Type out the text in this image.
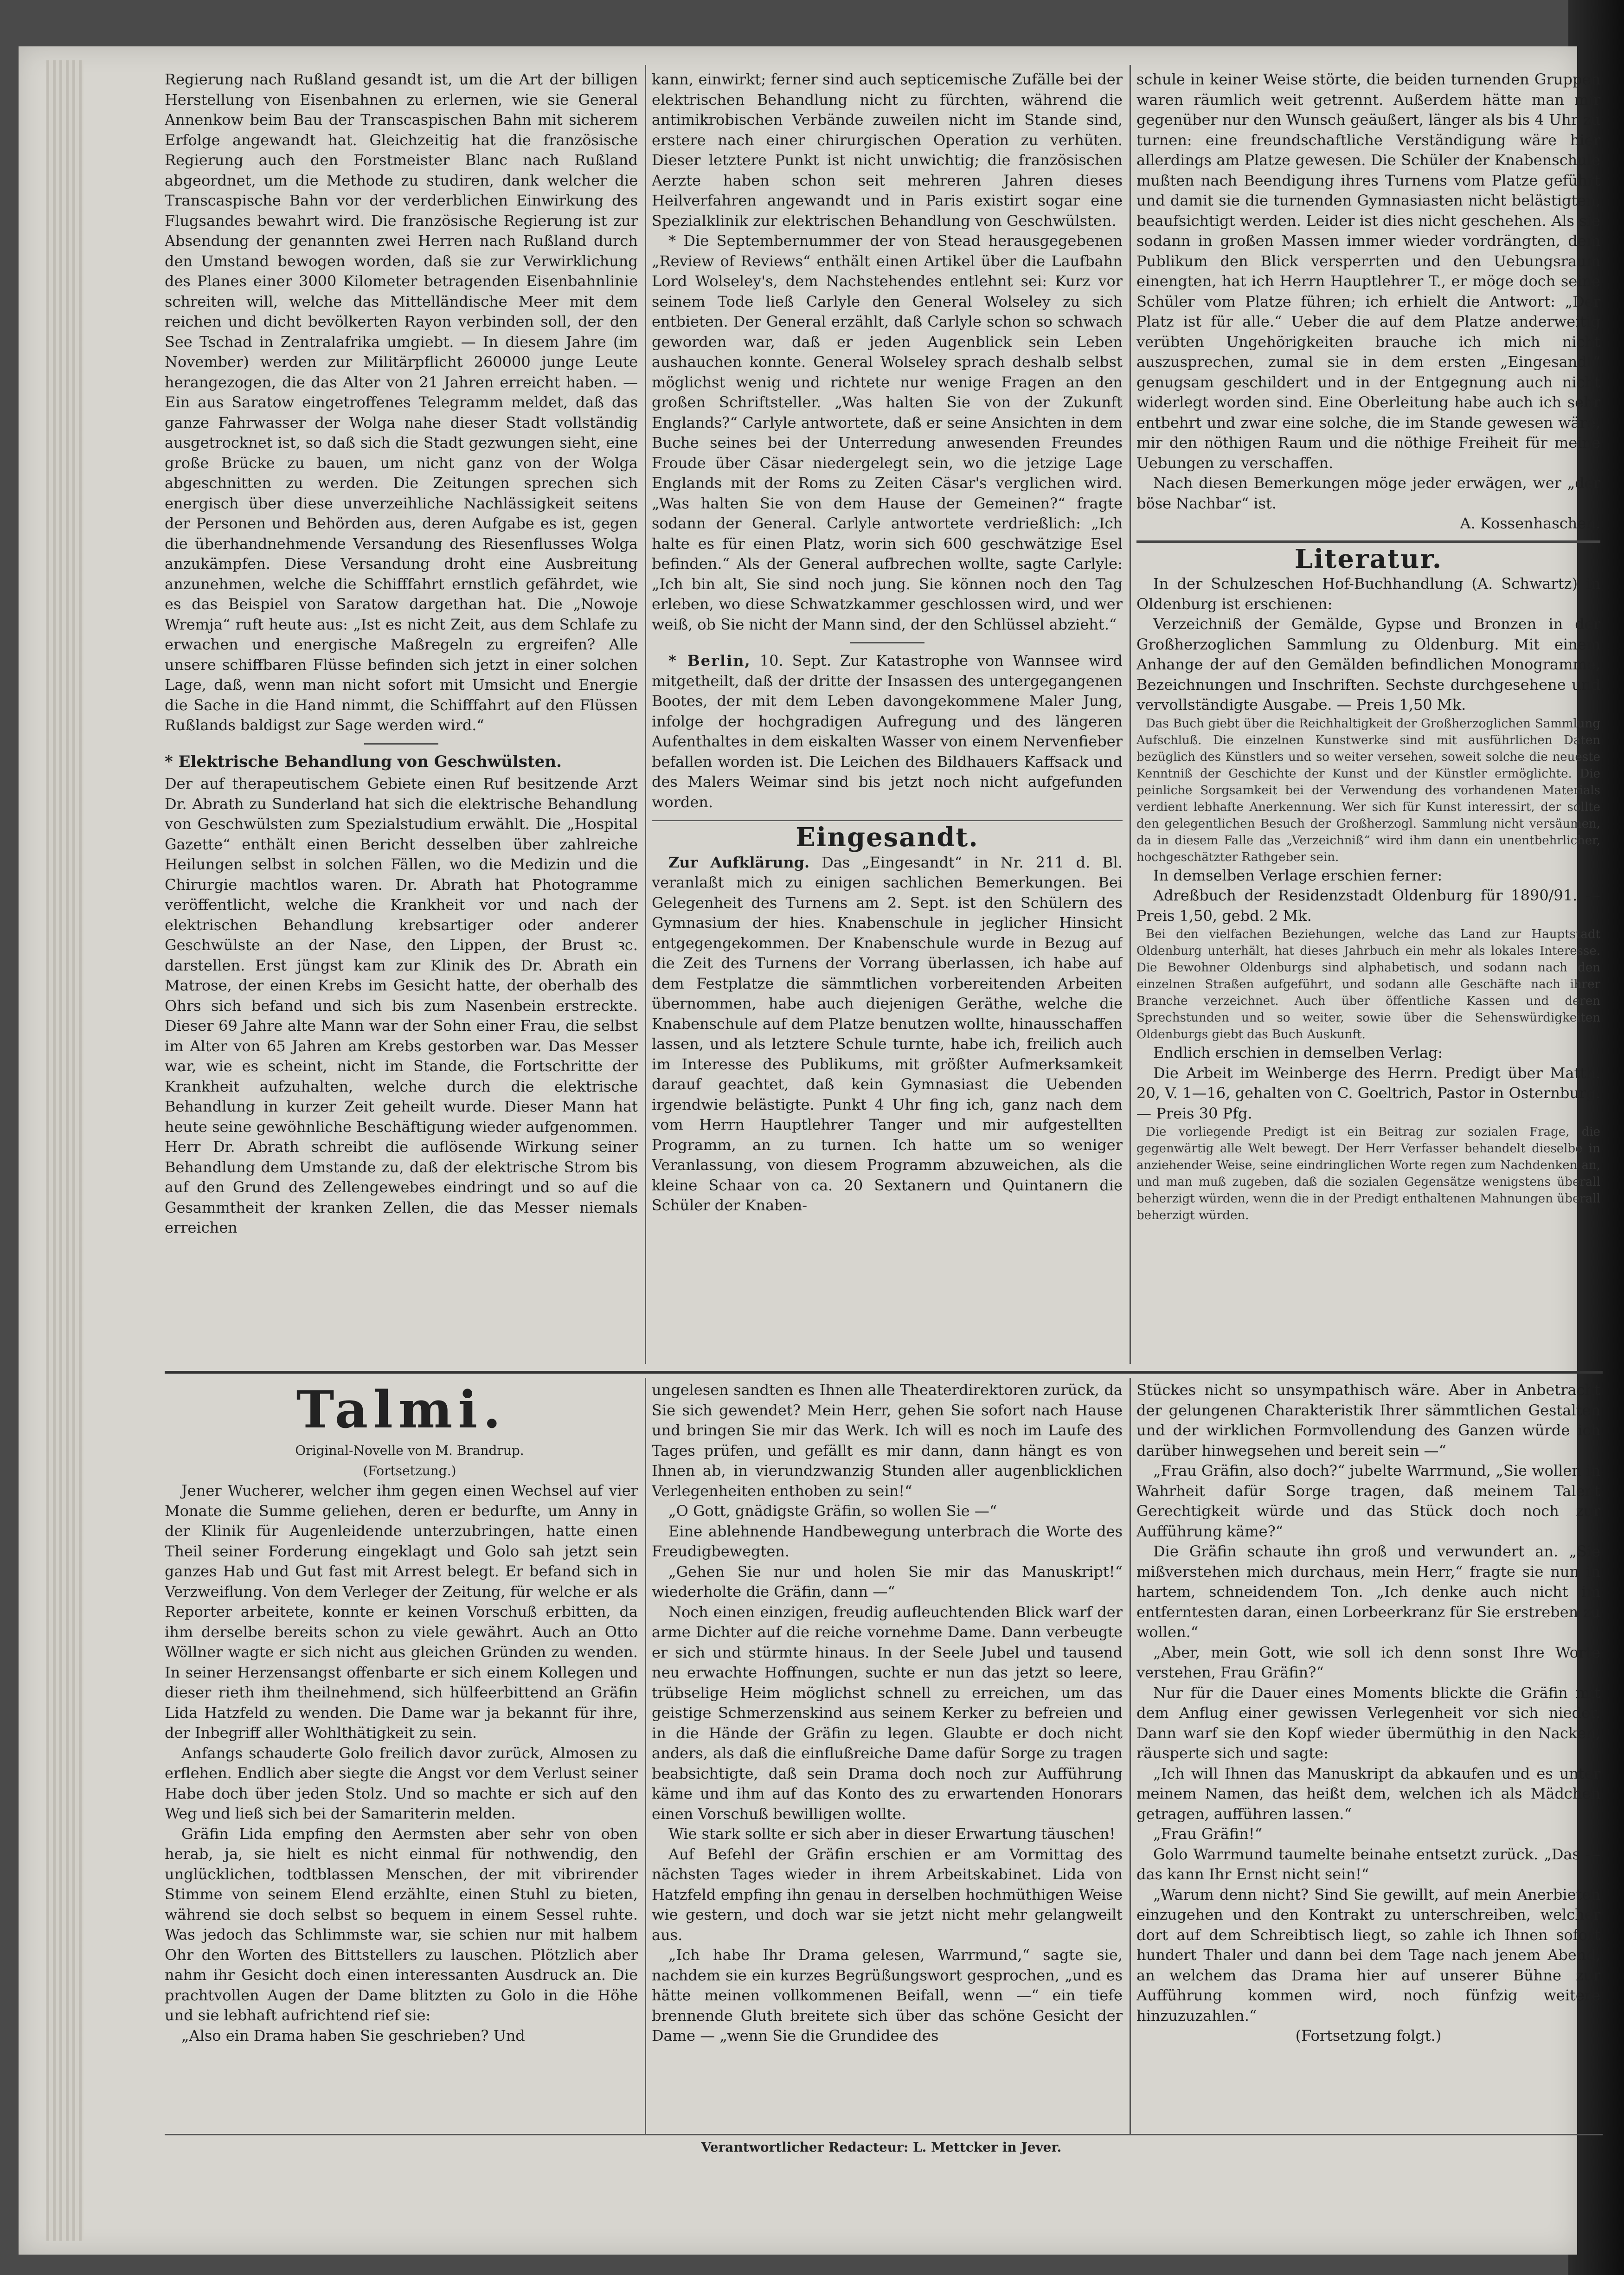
Regierung nach Rußland gesandt ist, um die Art der billigen Herstellung von Eisenbahnen zu erlernen, wie sie General Annenkow beim Bau der Transcaspischen Bahn mit sicherem Erfolge angewandt hat. Gleichzeitig hat die französische Regierung auch den Forstmeister Blanc nach Rußland abgeordnet, um die Methode zu studiren, dank welcher die Transcaspische Bahn vor der verderblichen Einwirkung des Flugsandes bewahrt wird. Die französische Regierung ist zur Absendung der genannten zwei Herren nach Rußland durch den Umstand bewogen worden, daß sie zur Verwirklichung des Planes einer 3000 Kilometer betragenden Eisenbahnlinie schreiten will, welche das Mittelländische Meer mit dem reichen und dicht bevölkerten Rayon verbinden soll, der den See Tschad in Zentralafrika umgiebt. — In diesem Jahre (im November) werden zur Militärpflicht 260000 junge Leute herangezogen, die das Alter von 21 Jahren erreicht haben. — Ein aus Saratow eingetroffenes Telegramm meldet, daß das ganze Fahrwasser der Wolga nahe dieser Stadt vollständig ausgetrocknet ist, so daß sich die Stadt gezwungen sieht, eine große Brücke zu bauen, um nicht ganz von der Wolga abgeschnitten zu werden. Die Zeitungen sprechen sich energisch über diese unverzeihliche Nachlässigkeit seitens der Personen und Behörden aus, deren Aufgabe es ist, gegen die überhandnehmende Versandung des Riesenflusses Wolga anzukämpfen. Diese Versandung droht eine Ausbreitung anzunehmen, welche die Schifffahrt ernstlich gefährdet, wie es das Beispiel von Saratow dargethan hat. Die „Nowoje Wremja“ ruft heute aus: „Ist es nicht Zeit, aus dem Schlafe zu erwachen und energische Maßregeln zu ergreifen? Alle unsere schiffbaren Flüsse befinden sich jetzt in einer solchen Lage, daß, wenn man nicht sofort mit Umsicht und Energie die Sache in die Hand nimmt, die Schifffahrt auf den Flüssen Rußlands baldigst zur Sage werden wird.“

* Elektrische Behandlung von Geschwülsten.

Der auf therapeutischem Gebiete einen Ruf besitzende Arzt Dr. Abrath zu Sunderland hat sich die elektrische Behandlung von Geschwülsten zum Spezialstudium erwählt. Die „Hospital Gazette“ enthält einen Bericht desselben über zahlreiche Heilungen selbst in solchen Fällen, wo die Medizin und die Chirurgie machtlos waren. Dr. Abrath hat Photogramme veröffentlicht, welche die Krankheit vor und nach der elektrischen Behandlung krebsartiger oder anderer Geschwülste an der Nase, den Lippen, der Brust ꝛc. darstellen. Erst jüngst kam zur Klinik des Dr. Abrath ein Matrose, der einen Krebs im Gesicht hatte, der oberhalb des Ohrs sich befand und sich bis zum Nasenbein erstreckte. Dieser 69 Jahre alte Mann war der Sohn einer Frau, die selbst im Alter von 65 Jahren am Krebs gestorben war. Das Messer war, wie es scheint, nicht im Stande, die Fortschritte der Krankheit aufzuhalten, welche durch die elektrische Behandlung in kurzer Zeit geheilt wurde. Dieser Mann hat heute seine gewöhnliche Beschäftigung wieder aufgenommen. Herr Dr. Abrath schreibt die auflösende Wirkung seiner Behandlung dem Umstande zu, daß der elektrische Strom bis auf den Grund des Zellengewebes eindringt und so auf die Gesammtheit der kranken Zellen, die das Messer niemals erreichen

kann, einwirkt; ferner sind auch septicemische Zufälle bei der elektrischen Behandlung nicht zu fürchten, während die antimikrobischen Verbände zuweilen nicht im Stande sind, erstere nach einer chirurgischen Operation zu verhüten. Dieser letztere Punkt ist nicht unwichtig; die französischen Aerzte haben schon seit mehreren Jahren dieses Heilverfahren angewandt und in Paris existirt sogar eine Spezialklinik zur elektrischen Behandlung von Geschwülsten.

* Die Septembernummer der von Stead herausgegebenen „Review of Reviews“ enthält einen Artikel über die Laufbahn Lord Wolseley's, dem Nachstehendes entlehnt sei: Kurz vor seinem Tode ließ Carlyle den General Wolseley zu sich entbieten. Der General erzählt, daß Carlyle schon so schwach geworden war, daß er jeden Augenblick sein Leben aushauchen konnte. General Wolseley sprach deshalb selbst möglichst wenig und richtete nur wenige Fragen an den großen Schriftsteller. „Was halten Sie von der Zukunft Englands?“ Carlyle antwortete, daß er seine Ansichten in dem Buche seines bei der Unterredung anwesenden Freundes Froude über Cäsar niedergelegt sein, wo die jetzige Lage Englands mit der Roms zu Zeiten Cäsar's verglichen wird. „Was halten Sie von dem Hause der Gemeinen?“ fragte sodann der General. Carlyle antwortete verdrießlich: „Ich halte es für einen Platz, worin sich 600 geschwätzige Esel befinden.“ Als der General aufbrechen wollte, sagte Carlyle: „Ich bin alt, Sie sind noch jung. Sie können noch den Tag erleben, wo diese Schwatzkammer geschlossen wird, und wer weiß, ob Sie nicht der Mann sind, der den Schlüssel abzieht.“

* Berlin, 10. Sept. Zur Katastrophe von Wannsee wird mitgetheilt, daß der dritte der Insassen des untergegangenen Bootes, der mit dem Leben davongekommene Maler Jung, infolge der hochgradigen Aufregung und des längeren Aufenthaltes in dem eiskalten Wasser von einem Nervenfieber befallen worden ist. Die Leichen des Bildhauers Kaffsack und des Malers Weimar sind bis jetzt noch nicht aufgefunden worden.

Eingesandt.

Zur Aufklärung. Das „Eingesandt“ in Nr. 211 d. Bl. veranlaßt mich zu einigen sachlichen Bemerkungen. Bei Gelegenheit des Turnens am 2. Sept. ist den Schülern des Gymnasium der hies. Knabenschule in jeglicher Hinsicht entgegengekommen. Der Knabenschule wurde in Bezug auf die Zeit des Turnens der Vorrang überlassen, ich habe auf dem Festplatze die sämmtlichen vorbereitenden Arbeiten übernommen, habe auch diejenigen Geräthe, welche die Knabenschule auf dem Platze benutzen wollte, hinausschaffen lassen, und als letztere Schule turnte, habe ich, freilich auch im Interesse des Publikums, mit größter Aufmerksamkeit darauf geachtet, daß kein Gymnasiast die Uebenden irgendwie belästigte. Punkt 4 Uhr fing ich, ganz nach dem vom Herrn Hauptlehrer Tanger und mir aufgestellten Programm, an zu turnen. Ich hatte um so weniger Veranlassung, von diesem Programm abzuweichen, als die kleine Schaar von ca. 20 Sextanern und Quintanern die Schüler der Knaben-

schule in keiner Weise störte, die beiden turnenden Gruppen waren räumlich weit getrennt. Außerdem hätte man mir gegenüber nur den Wunsch geäußert, länger als bis 4 Uhr zu turnen: eine freundschaftliche Verständigung wäre hier allerdings am Platze gewesen. Die Schüler der Knabenschule mußten nach Beendigung ihres Turnens vom Platze geführt und damit sie die turnenden Gymnasiasten nicht belästigten, beaufsichtigt werden. Leider ist dies nicht geschehen. Als sie sodann in großen Massen immer wieder vordrängten, dem Publikum den Blick versperrten und den Uebungsraum einengten, hat ich Herrn Hauptlehrer T., er möge doch seine Schüler vom Platze führen; ich erhielt die Antwort: „Der Platz ist für alle.“ Ueber die auf dem Platze anderweitig verübten Ungehörigkeiten brauche ich mich nicht auszusprechen, zumal sie in dem ersten „Eingesandt“ genugsam geschildert und in der Entgegnung auch nicht widerlegt worden sind. Eine Oberleitung habe auch ich sehr entbehrt und zwar eine solche, die im Stande gewesen wäre, mir den nöthigen Raum und die nöthige Freiheit für meine Uebungen zu verschaffen.

Nach diesen Bemerkungen möge jeder erwägen, wer „der böse Nachbar“ ist.

A. Kossenhaschen.

Literatur.

In der Schulzeschen Hof-Buchhandlung (A. Schwartz) in Oldenburg ist erschienen:

Verzeichniß der Gemälde, Gypse und Bronzen in der Großherzoglichen Sammlung zu Oldenburg. Mit einem Anhange der auf den Gemälden befindlichen Monogramme, Bezeichnungen und Inschriften. Sechste durchgesehene und vervollständigte Ausgabe. — Preis 1,50 Mk.

Das Buch giebt über die Reichhaltigkeit der Großherzoglichen Sammlung Aufschluß. Die einzelnen Kunstwerke sind mit ausführlichen Daten bezüglich des Künstlers und so weiter versehen, soweit solche die neueste Kenntniß der Geschichte der Kunst und der Künstler ermöglichte. Die peinliche Sorgsamkeit bei der Verwendung des vorhandenen Materials verdient lebhafte Anerkennung. Wer sich für Kunst interessirt, der sollte den gelegentlichen Besuch der Großherzogl. Sammlung nicht versäumen, da in diesem Falle das „Verzeichniß“ wird ihm dann ein unentbehrlicher, hochgeschätzter Rathgeber sein.

In demselben Verlage erschien ferner:

Adreßbuch der Residenzstadt Oldenburg für 1890/91. — Preis 1,50, gebd. 2 Mk.

Bei den vielfachen Beziehungen, welche das Land zur Hauptstadt Oldenburg unterhält, hat dieses Jahrbuch ein mehr als lokales Interesse. Die Bewohner Oldenburgs sind alphabetisch, und sodann nach den einzelnen Straßen aufgeführt, und sodann alle Geschäfte nach ihrer Branche verzeichnet. Auch über öffentliche Kassen und deren Sprechstunden und so weiter, sowie über die Sehenswürdigkeiten Oldenburgs giebt das Buch Auskunft.

Endlich erschien in demselben Verlag:

Die Arbeit im Weinberge des Herrn. Predigt über Matth. 20, V. 1—16, gehalten von C. Goeltrich, Pastor in Osternburg. — Preis 30 Pfg.

Die vorliegende Predigt ist ein Beitrag zur sozialen Frage, die gegenwärtig alle Welt bewegt. Der Herr Verfasser behandelt dieselbe in anziehender Weise, seine eindringlichen Worte regen zum Nachdenken an, und man muß zugeben, daß die sozialen Gegensätze wenigstens überall beherzigt würden, wenn die in der Predigt enthaltenen Mahnungen überall beherzigt würden.

Talmi.

Original-Novelle von M. Brandrup.

(Fortsetzung.)

Jener Wucherer, welcher ihm gegen einen Wechsel auf vier Monate die Summe geliehen, deren er bedurfte, um Anny in der Klinik für Augenleidende unterzubringen, hatte einen Theil seiner Forderung eingeklagt und Golo sah jetzt sein ganzes Hab und Gut fast mit Arrest belegt. Er befand sich in Verzweiflung. Von dem Verleger der Zeitung, für welche er als Reporter arbeitete, konnte er keinen Vorschuß erbitten, da ihm derselbe bereits schon zu viele gewährt. Auch an Otto Wöllner wagte er sich nicht aus gleichen Gründen zu wenden. In seiner Herzensangst offenbarte er sich einem Kollegen und dieser rieth ihm theilnehmend, sich hülfeerbittend an Gräfin Lida Hatzfeld zu wenden. Die Dame war ja bekannt für ihre, der Inbegriff aller Wohlthätigkeit zu sein.

Anfangs schauderte Golo freilich davor zurück, Almosen zu erflehen. Endlich aber siegte die Angst vor dem Verlust seiner Habe doch über jeden Stolz. Und so machte er sich auf den Weg und ließ sich bei der Samariterin melden.

Gräfin Lida empfing den Aermsten aber sehr von oben herab, ja, sie hielt es nicht einmal für nothwendig, den unglücklichen, todtblassen Menschen, der mit vibrirender Stimme von seinem Elend erzählte, einen Stuhl zu bieten, während sie doch selbst so bequem in einem Sessel ruhte. Was jedoch das Schlimmste war, sie schien nur mit halbem Ohr den Worten des Bittstellers zu lauschen. Plötzlich aber nahm ihr Gesicht doch einen interessanten Ausdruck an. Die prachtvollen Augen der Dame blitzten zu Golo in die Höhe und sie lebhaft aufrichtend rief sie:

„Also ein Drama haben Sie geschrieben? Und

ungelesen sandten es Ihnen alle Theaterdirektoren zurück, da Sie sich gewendet? Mein Herr, gehen Sie sofort nach Hause und bringen Sie mir das Werk. Ich will es noch im Laufe des Tages prüfen, und gefällt es mir dann, dann hängt es von Ihnen ab, in vierundzwanzig Stunden aller augenblicklichen Verlegenheiten enthoben zu sein!“

„O Gott, gnädigste Gräfin, so wollen Sie —“

Eine ablehnende Handbewegung unterbrach die Worte des Freudigbewegten.

„Gehen Sie nur und holen Sie mir das Manuskript!“ wiederholte die Gräfin, dann —“

Noch einen einzigen, freudig aufleuchtenden Blick warf der arme Dichter auf die reiche vornehme Dame. Dann verbeugte er sich und stürmte hinaus. In der Seele Jubel und tausend neu erwachte Hoffnungen, suchte er nun das jetzt so leere, trübselige Heim möglichst schnell zu erreichen, um das geistige Schmerzenskind aus seinem Kerker zu befreien und in die Hände der Gräfin zu legen. Glaubte er doch nicht anders, als daß die einflußreiche Dame dafür Sorge zu tragen beabsichtigte, daß sein Drama doch noch zur Aufführung käme und ihm auf das Konto des zu erwartenden Honorars einen Vorschuß bewilligen wollte.

Wie stark sollte er sich aber in dieser Erwartung täuschen!

Auf Befehl der Gräfin erschien er am Vormittag des nächsten Tages wieder in ihrem Arbeitskabinet. Lida von Hatzfeld empfing ihn genau in derselben hochmüthigen Weise wie gestern, und doch war sie jetzt nicht mehr gelangweilt aus.

„Ich habe Ihr Drama gelesen, Warrmund,“ sagte sie, nachdem sie ein kurzes Begrüßungswort gesprochen, „und es hätte meinen vollkommenen Beifall, wenn —“ ein tiefe brennende Gluth breitete sich über das schöne Gesicht der Dame — „wenn Sie die Grundidee des

Stückes nicht so unsympathisch wäre. Aber in Anbetracht der gelungenen Charakteristik Ihrer sämmtlichen Gestalten und der wirklichen Formvollendung des Ganzen würde ich darüber hinwegsehen und bereit sein —“

„Frau Gräfin, also doch?“ jubelte Warrmund, „Sie wollen in Wahrheit dafür Sorge tragen, daß meinem Talent Gerechtigkeit würde und das Stück doch noch zur Aufführung käme?“

Die Gräfin schaute ihn groß und verwundert an. „Sie mißverstehen mich durchaus, mein Herr,“ fragte sie nun in hartem, schneidendem Ton. „Ich denke auch nicht im entferntesten daran, einen Lorbeerkranz für Sie erstreben zu wollen.“

„Aber, mein Gott, wie soll ich denn sonst Ihre Worte verstehen, Frau Gräfin?“

Nur für die Dauer eines Moments blickte die Gräfin mit dem Anflug einer gewissen Verlegenheit vor sich nieder. Dann warf sie den Kopf wieder übermüthig in den Nacken, räusperte sich und sagte:

„Ich will Ihnen das Manuskript da abkaufen und es unter meinem Namen, das heißt dem, welchen ich als Mädchen getragen, aufführen lassen.“

„Frau Gräfin!“

Golo Warrmund taumelte beinahe entsetzt zurück. „Das — das kann Ihr Ernst nicht sein!“

„Warum denn nicht? Sind Sie gewillt, auf mein Anerbieten einzugehen und den Kontrakt zu unterschreiben, welcher dort auf dem Schreibtisch liegt, so zahle ich Ihnen sofort hundert Thaler und dann bei dem Tage nach jenem Abend, an welchem das Drama hier auf unserer Bühne zur Aufführung kommen wird, noch fünfzig weitere hinzuzuzahlen.“

(Fortsetzung folgt.)

Verantwortlicher Redacteur: L. Mettcker in Jever.
